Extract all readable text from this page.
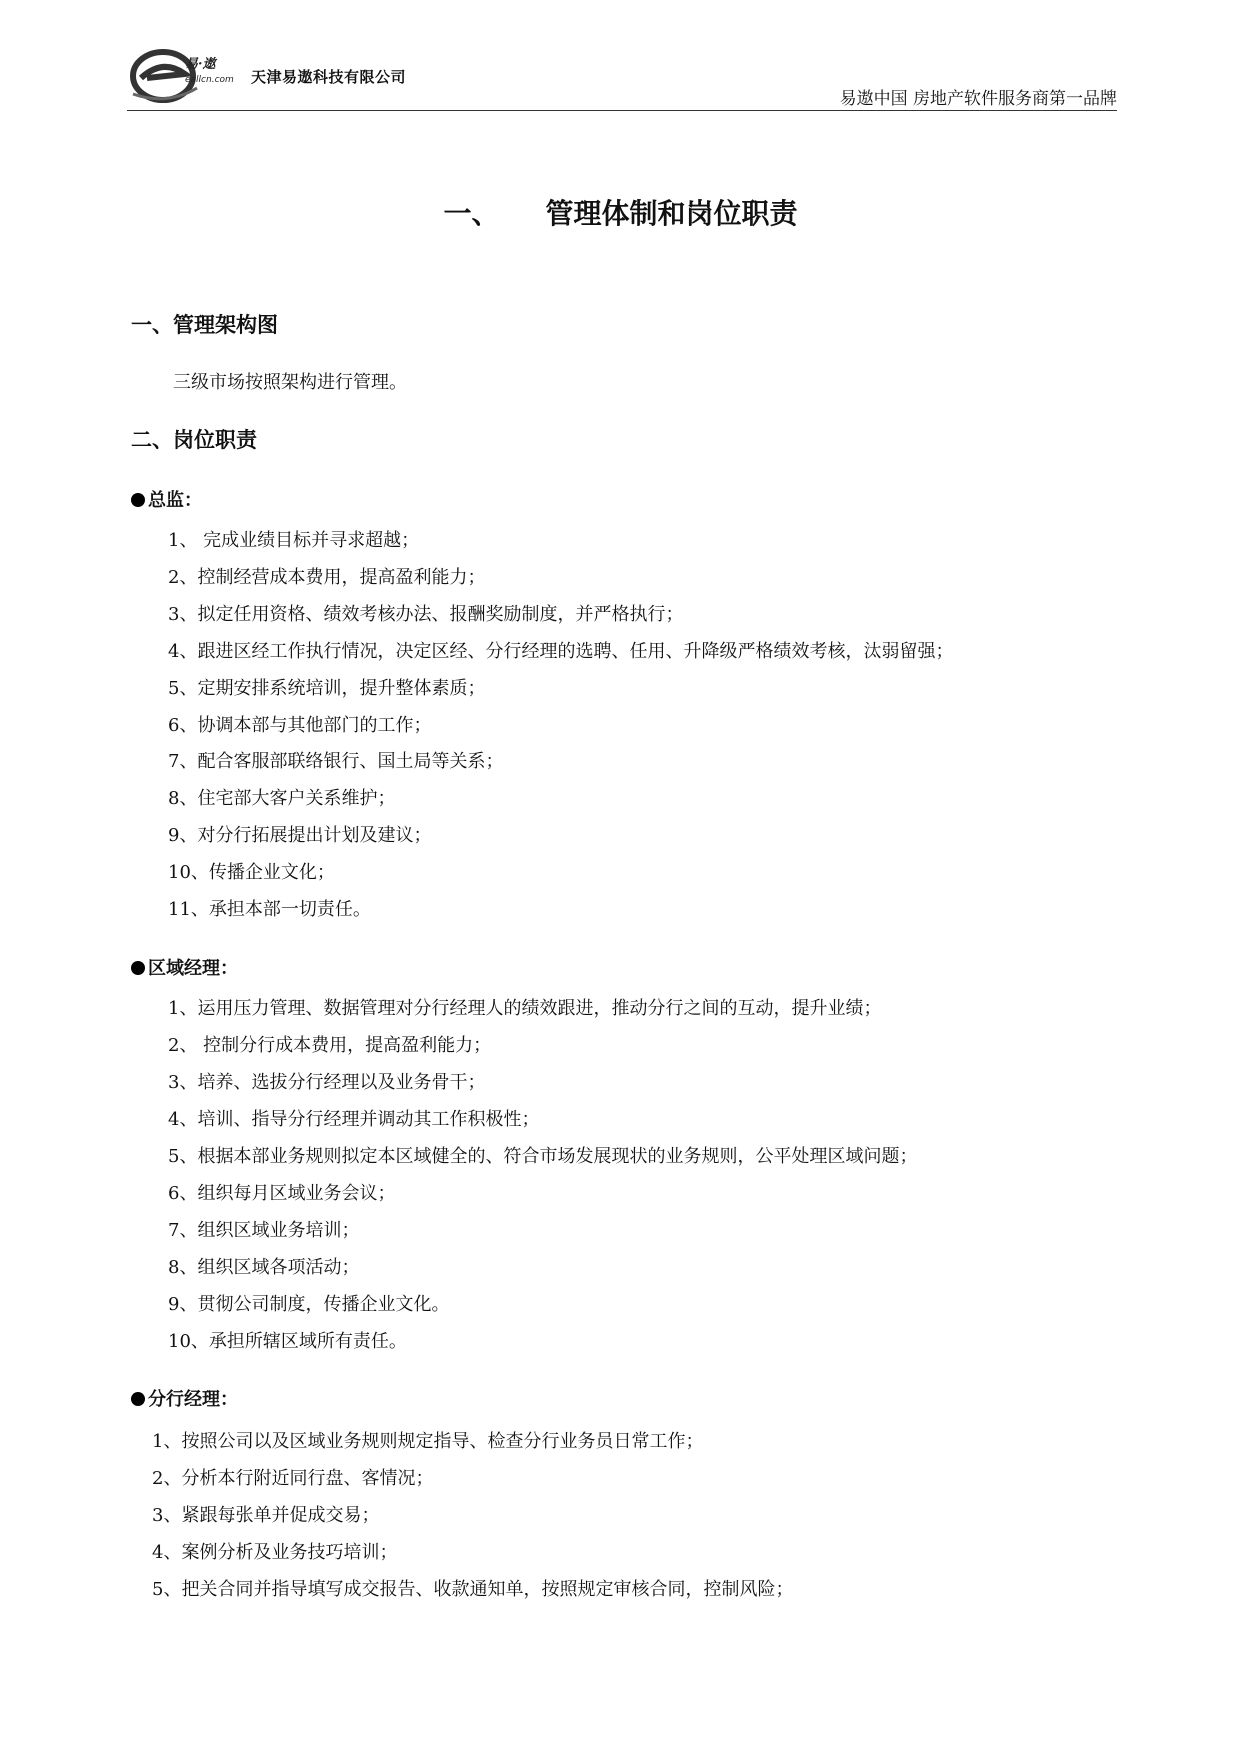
易·遨
eallcn.com 天津易遨科技有限公司
易遨中国 房地产软件服务商第一品牌
一、 管理体制和岗位职责
一、管理架构图
三级市场按照架构进行管理。
二、岗位职责
总监：
区域经理：
分行经理：
1、 完成业绩目标并寻求超越；
2、控制经营成本费用，提高盈利能力；
3、拟定任用资格、绩效考核办法、报酬奖励制度，并严格执行；
4、跟进区经工作执行情况，决定区经、分行经理的选聘、任用、升降级严格绩效考核，汰弱留强；
5、定期安排系统培训，提升整体素质；
6、协调本部与其他部门的工作；
7、配合客服部联络银行、国土局等关系；
8、住宅部大客户关系维护；
9、对分行拓展提出计划及建议；
10、传播企业文化；
11、承担本部一切责任。
1、运用压力管理、数据管理对分行经理人的绩效跟进，推动分行之间的互动，提升业绩；
2、 控制分行成本费用，提高盈利能力；
3、培养、选拔分行经理以及业务骨干；
4、培训、指导分行经理并调动其工作积极性；
5、根据本部业务规则拟定本区域健全的、符合市场发展现状的业务规则，公平处理区域问题；
6、组织每月区域业务会议；
7、组织区域业务培训；
8、组织区域各项活动；
9、贯彻公司制度，传播企业文化。
10、承担所辖区域所有责任。
1、按照公司以及区域业务规则规定指导、检查分行业务员日常工作；
2、分析本行附近同行盘、客情况；
3、紧跟每张单并促成交易；
4、案例分析及业务技巧培训；
5、把关合同并指导填写成交报告、收款通知单，按照规定审核合同，控制风险；
